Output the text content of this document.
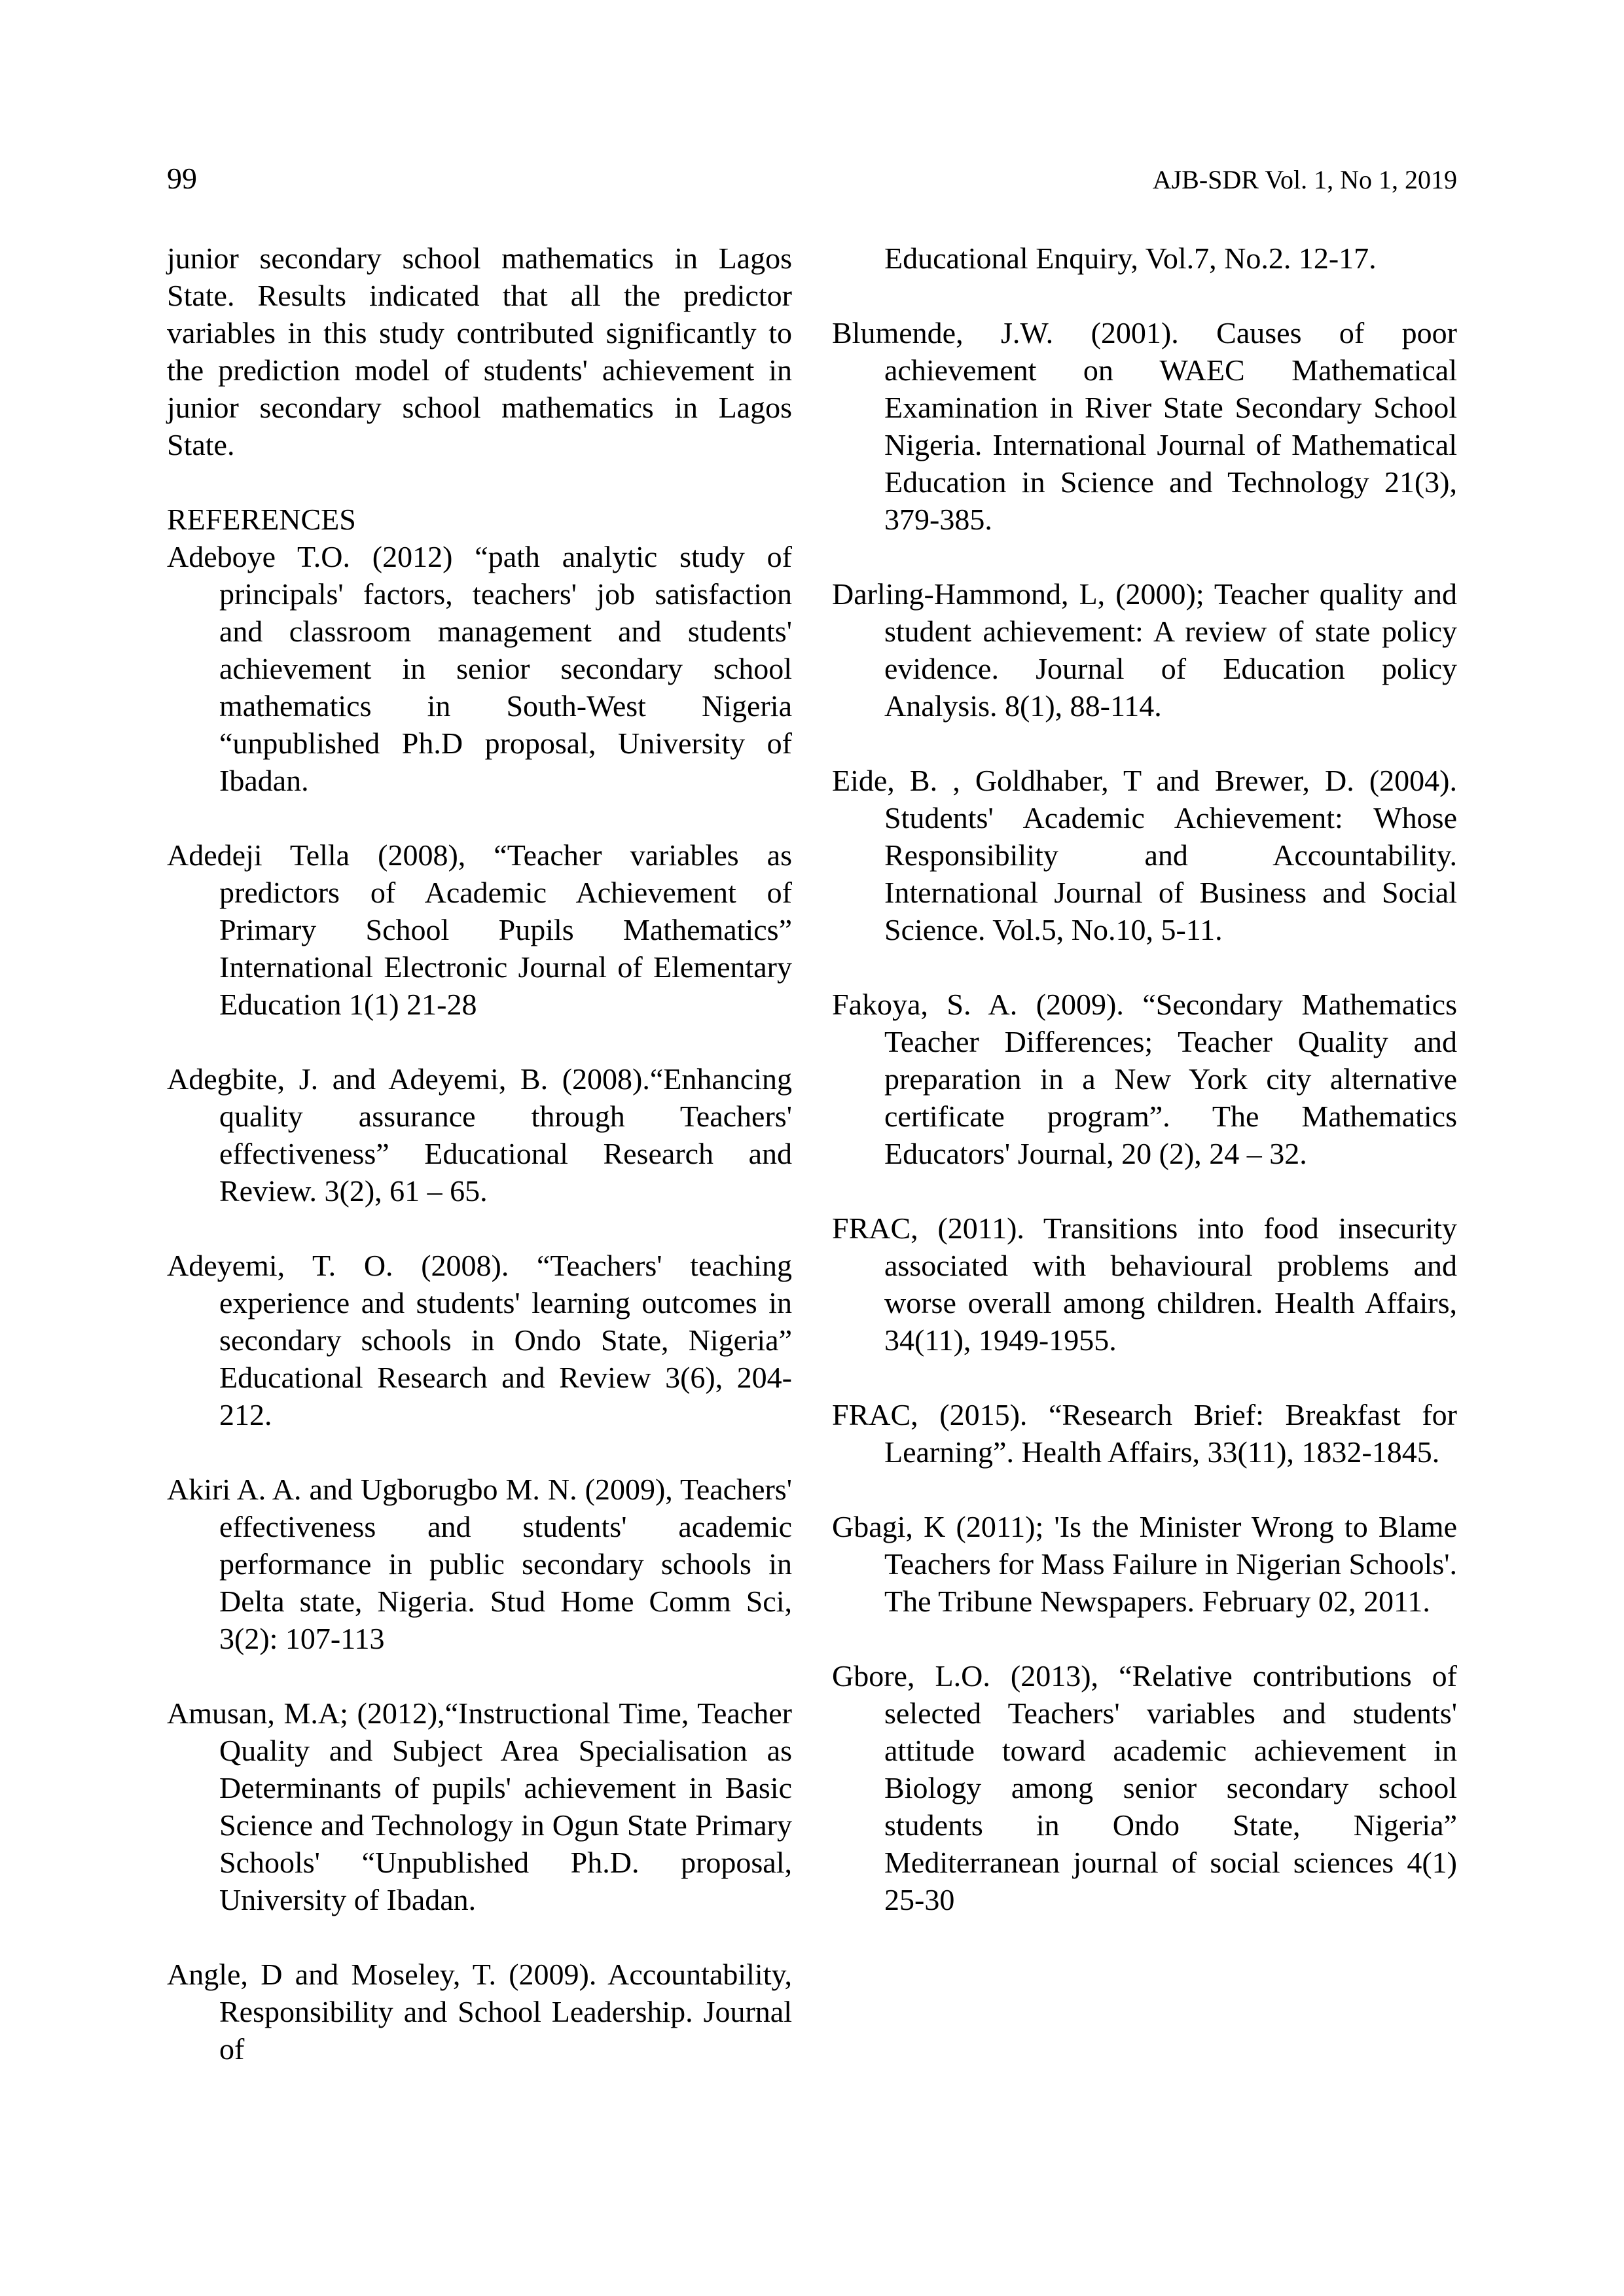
99	AJB-SDR Vol. 1, No 1, 2019

junior secondary school mathematics in Lagos State. Results indicated that all the predictor variables in this study contributed significantly to the prediction model of students' achievement in junior secondary school mathematics in Lagos State.

REFERENCES

Adeboye T.O. (2012) “path analytic study of principals' factors, teachers' job satisfaction and classroom management and students' achievement in senior secondary school mathematics in South-West Nigeria “unpublished Ph.D proposal, University of Ibadan.

Adedeji Tella (2008), “Teacher variables as predictors of Academic Achievement of Primary School Pupils Mathematics” International Electronic Journal of Elementary Education 1(1) 21-28

Adegbite, J. and Adeyemi, B. (2008).“Enhancing quality assurance through Teachers' effectiveness” Educational Research and Review. 3(2), 61 – 65.

Adeyemi, T. O. (2008). “Teachers' teaching experience and students' learning outcomes in secondary schools in Ondo State, Nigeria” Educational Research and Review 3(6), 204-212.

Akiri A. A. and Ugborugbo M. N. (2009), Teachers' effectiveness and students' academic performance in public secondary schools in Delta state, Nigeria. Stud Home Comm Sci, 3(2): 107-113

Amusan, M.A; (2012),“Instructional Time, Teacher Quality and Subject Area Specialisation as Determinants of pupils' achievement in Basic Science and Technology in Ogun State Primary Schools' “Unpublished Ph.D. proposal, University of Ibadan.

Angle, D and Moseley, T. (2009). Accountability, Responsibility and School Leadership. Journal of

Educational Enquiry, Vol.7, No.2. 12-17.

Blumende, J.W. (2001). Causes of poor achievement on WAEC Mathematical Examination in River State Secondary School Nigeria. International Journal of Mathematical Education in Science and Technology 21(3), 379-385.

Darling-Hammond, L, (2000); Teacher quality and student achievement: A review of state policy evidence. Journal of Education policy Analysis. 8(1), 88-114.

Eide, B. , Goldhaber, T and Brewer, D. (2004). Students' Academic Achievement: Whose Responsibility and Accountability. International Journal of Business and Social Science. Vol.5, No.10, 5-11.

Fakoya, S. A. (2009). “Secondary Mathematics Teacher Differences; Teacher Quality and preparation in a New York city alternative certificate program”. The Mathematics Educators' Journal, 20 (2), 24 – 32.

FRAC, (2011). Transitions into food insecurity associated with behavioural problems and worse overall among children. Health Affairs, 34(11), 1949-1955.

FRAC, (2015). “Research Brief: Breakfast for Learning”. Health Affairs, 33(11), 1832-1845.

Gbagi, K (2011); 'Is the Minister Wrong to Blame Teachers for Mass Failure in Nigerian Schools'. The Tribune Newspapers. February 02, 2011.

Gbore, L.O. (2013), “Relative contributions of selected Teachers' variables and students' attitude toward academic achievement in Biology among senior secondary school students in Ondo State, Nigeria” Mediterranean journal of social sciences 4(1) 25-30
